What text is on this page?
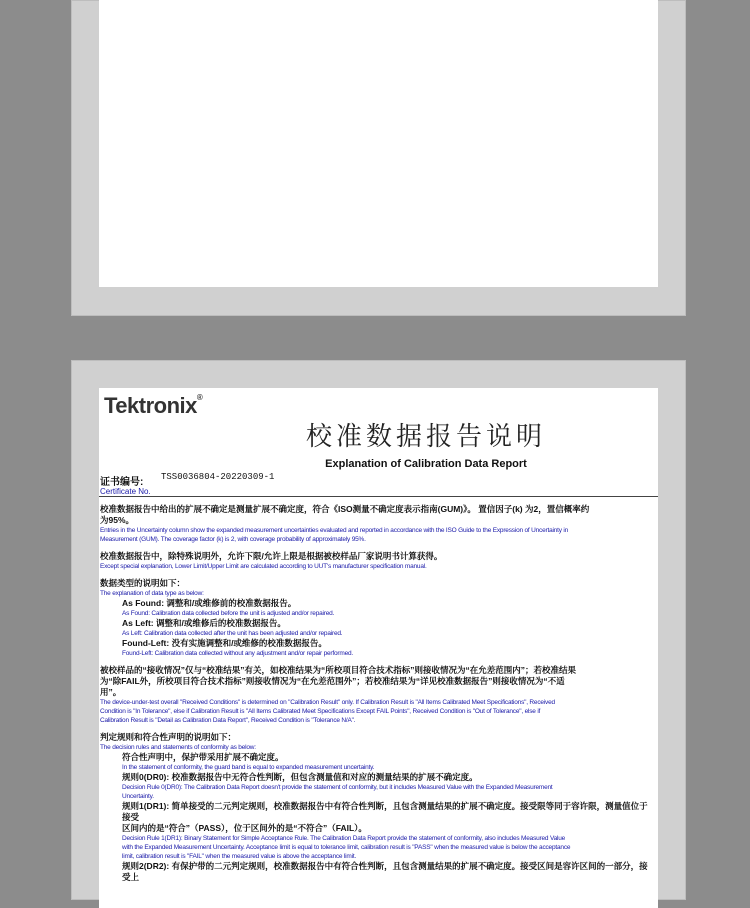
Tektronix®
校准数据报告说明
Explanation of Calibration Data Report
证书编号: TSS0036804-20220309-1
Certificate No.

校准数据报告中给出的扩展不确定是测量扩展不确定度，符合《ISO测量不确定度表示指南(GUM)》。 置信因子(k) 为2，置信概率约

为95%。

Entries in the Uncertainty column show the expanded measurement uncertainties evaluated and reported in accordance with the ISO Guide to the Expression of Uncertainty in

Measurement (GUM). The coverage factor (k) is 2, with coverage probability of approximately 95%.

校准数据报告中，除特殊说明外，允许下限/允许上限是根据被校样品厂家说明书计算获得。

Except special explanation, Lower Limit/Upper Limit are calculated according to UUT's manufacturer specification manual.

数据类型的说明如下：

The explanation of data type as below:

As Found: 调整和/或维修前的校准数据报告。

As Found: Calibration data collected before the unit is adjusted and/or repaired.

As Left: 调整和/或维修后的校准数据报告。

As Left: Calibration data collected after the unit has been adjusted and/or repaired.

Found-Left: 没有实施调整和/或维修的校准数据报告。

Found-Left: Calibration data collected without any adjustment and/or repair performed.

被校样品的“接收情况”仅与“校准结果”有关，如校准结果为“所校项目符合技术指标”则接收情况为“在允差范围内”；若校准结果

为“除FAIL外，所校项目符合技术指标”则接收情况为“在允差范围外”；若校准结果为“详见校准数据报告”则接收情况为“不适

用”。

The device-under-test overall "Received Conditions" is determined on "Calibration Result" only. If Calibration Result is "All Items Calibrated Meet Specifications", Received

Condition is "In Tolerance", else if Calibration Result is "All Items Calibrated Meet Specifications Except FAIL Points", Received Condition is "Out of Tolerance", else if

Calibration Result is "Detail as Calibration Data Report", Received Condition is "Tolerance N/A".

判定规则和符合性声明的说明如下：

The decision rules and statements of conformity as below:

符合性声明中，保护带采用扩展不确定度。

In the statement of conformity, the guard band is equal to expanded measurement uncertainty.

规则0(DR0): 校准数据报告中无符合性判断，但包含测量值和对应的测量结果的扩展不确定度。

Decision Rule 0(DR0): The Calibration Data Report doesn't provide the statement of conformity, but it includes Measured Value with the Expanded Measurement

Uncertainty.

规则1(DR1): 简单接受的二元判定规则，校准数据报告中有符合性判断，且包含测量结果的扩展不确定度。接受限等同于容许限，测量值位于接受

区间内的是“符合”（PASS），位于区间外的是“不符合”（FAIL）。

Decision Rule 1(DR1): Binary Statement for Simple Acceptance Rule. The Calibration Data Report provide the statement of conformity, also includes Measured Value

with the Expanded Measurement Uncertainty. Acceptance limit is equal to tolerance limit, calibration result is "PASS" when the measured value is below the acceptance

limit, calibration result is "FAIL" when the measured value is above the acceptance limit.

规则2(DR2): 有保护带的二元判定规则，校准数据报告中有符合性判断，且包含测量结果的扩展不确定度。接受区间是容许区间的一部分，接受上
